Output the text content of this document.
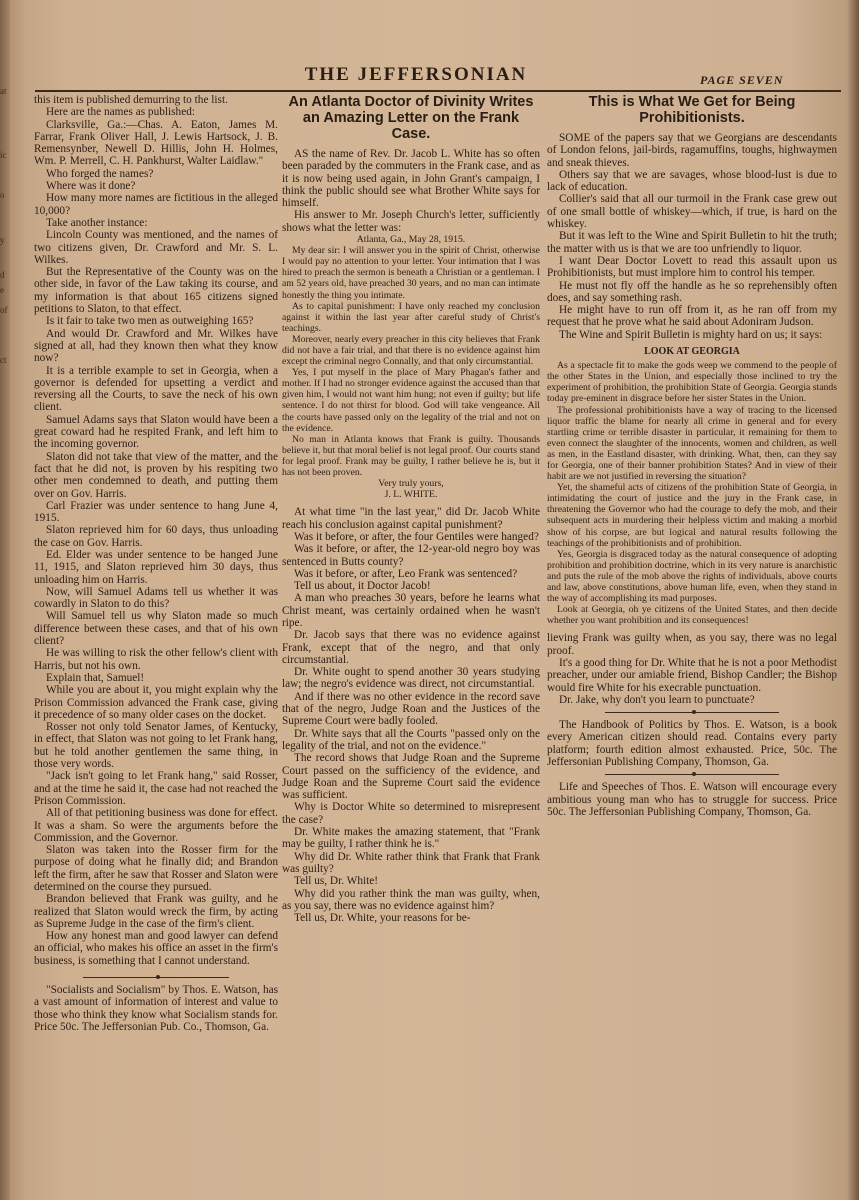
at
ic
o
y
d
e
of
ct
THE JEFFERSONIAN	PAGE SEVEN

this item is published demurring to the list.

Here are the names as published:

Clarksville, Ga.:—Chas. A. Eaton, James M. Farrar, Frank Oliver Hall, J. Lewis Hartsock, J. B. Remensynber, Newell D. Hillis, John H. Holmes, Wm. P. Merrell, C. H. Pankhurst, Walter Laidlaw."

Who forged the names?

Where was it done?

How many more names are fictitious in the alleged 10,000?

Take another instance:

Lincoln County was mentioned, and the names of two citizens given, Dr. Crawford and Mr. S. L. Wilkes.

But the Representative of the County was on the other side, in favor of the Law taking its course, and my information is that about 165 citizens signed petitions to Slaton, to that effect.

Is it fair to take two men as outweighing 165?

And would Dr. Crawford and Mr. Wilkes have signed at all, had they known then what they know now?

It is a terrible example to set in Georgia, when a governor is defended for upsetting a verdict and reversing all the Courts, to save the neck of his own client.

Samuel Adams says that Slaton would have been a great coward had he respited Frank, and left him to the incoming governor.

Slaton did not take that view of the matter, and the fact that he did not, is proven by his respiting two other men condemned to death, and putting them over on Gov. Harris.

Carl Frazier was under sentence to hang June 4, 1915.

Slaton reprieved him for 60 days, thus unloading the case on Gov. Harris.

Ed. Elder was under sentence to be hanged June 11, 1915, and Slaton reprieved him 30 days, thus unloading him on Harris.

Now, will Samuel Adams tell us whether it was cowardly in Slaton to do this?

Will Samuel tell us why Slaton made so much difference between these cases, and that of his own client?

He was willing to risk the other fellow's client with Harris, but not his own.

Explain that, Samuel!

While you are about it, you might explain why the Prison Commission advanced the Frank case, giving it precedence of so many older cases on the docket.

Rosser not only told Senator James, of Kentucky, in effect, that Slaton was not going to let Frank hang, but he told another gentlemen the same thing, in those very words.

"Jack isn't going to let Frank hang," said Rosser, and at the time he said it, the case had not reached the Prison Commission.

All of that petitioning business was done for effect. It was a sham. So were the arguments before the Commission, and the Governor.

Slaton was taken into the Rosser firm for the purpose of doing what he finally did; and Brandon left the firm, after he saw that Rosser and Slaton were determined on the course they pursued.

Brandon believed that Frank was guilty, and he realized that Slaton would wreck the firm, by acting as Supreme Judge in the case of the firm's client.

How any honest man and good lawyer can defend an official, who makes his office an asset in the firm's business, is something that I cannot understand.

"Socialists and Socialism" by Thos. E. Watson, has a vast amount of information of interest and value to those who think they know what Socialism stands for. Price 50c. The Jeffersonian Pub. Co., Thomson, Ga.

An Atlanta Doctor of Divinity Writes an Amazing Letter on the Frank Case.

AS the name of Rev. Dr. Jacob L. White has so often been paraded by the commuters in the Frank case, and as it is now being used again, in John Grant's campaign, I think the public should see what Brother White says for himself.

His answer to Mr. Joseph Church's letter, sufficiently shows what the letter was:

Atlanta, Ga., May 28, 1915.

My dear sir: I will answer you in the spirit of Christ, otherwise I would pay no attention to your letter. Your intimation that I was hired to preach the sermon is beneath a Christian or a gentleman. I am 52 years old, have preached 30 years, and no man can intimate honestly the thing you intimate.

As to capital punishment: I have only reached my conclusion against it within the last year after careful study of Christ's teachings.

Moreover, nearly every preacher in this city believes that Frank did not have a fair trial, and that there is no evidence against him except the criminal negro Connally, and that only circumstantial.

Yes, I put myself in the place of Mary Phagan's father and mother. If I had no stronger evidence against the accused than that given him, I would not want him hung; not even if guilty; but life sentence. I do not thirst for blood. God will take vengeance. All the courts have passed only on the legality of the trial and not on the evidence.

No man in Atlanta knows that Frank is guilty. Thousands believe it, but that moral belief is not legal proof. Our courts stand for legal proof. Frank may be guilty, I rather believe he is, but it has not been proven.

Very truly yours,

J. L. WHITE.

At what time "in the last year," did Dr. Jacob White reach his conclusion against capital punishment?

Was it before, or after, the four Gentiles were hanged?

Was it before, or after, the 12-year-old negro boy was sentenced in Butts county?

Was it before, or after, Leo Frank was sentenced?

Tell us about, it Doctor Jacob!

A man who preaches 30 years, before he learns what Christ meant, was certainly ordained when he wasn't ripe.

Dr. Jacob says that there was no evidence against Frank, except that of the negro, and that only circumstantial.

Dr. White ought to spend another 30 years studying law; the negro's evidence was direct, not circumstantial.

And if there was no other evidence in the record save that of the negro, Judge Roan and the Justices of the Supreme Court were badly fooled.

Dr. White says that all the Courts "passed only on the legality of the trial, and not on the evidence."

The record shows that Judge Roan and the Supreme Court passed on the sufficiency of the evidence, and Judge Roan and the Supreme Court said the evidence was sufficient.

Why is Doctor White so determined to misrepresent the case?

Dr. White makes the amazing statement, that "Frank may be guilty, I rather think he is."

Why did Dr. White rather think that Frank that Frank was guilty?

Tell us, Dr. White!

Why did you rather think the man was guilty, when, as you say, there was no evidence against him?

Tell us, Dr. White, your reasons for be-

This is What We Get for Being Prohibitionists.

SOME of the papers say that we Georgians are descendants of London felons, jail-birds, ragamuffins, toughs, highwaymen and sneak thieves.

Others say that we are savages, whose blood-lust is due to lack of education.

Collier's said that all our turmoil in the Frank case grew out of one small bottle of whiskey—which, if true, is hard on the whiskey.

But it was left to the Wine and Spirit Bulletin to hit the truth; the matter with us is that we are too unfriendly to liquor.

I want Dear Doctor Lovett to read this assault upon us Prohibitionists, but must implore him to control his temper.

He must not fly off the handle as he so reprehensibly often does, and say something rash.

He might have to run off from it, as he ran off from my request that he prove what he said about Adoniram Judson.

The Wine and Spirit Bulletin is mighty hard on us; it says:

LOOK AT GEORGIA

As a spectacle fit to make the gods weep we commend to the people of the other States in the Union, and especially those inclined to try the experiment of prohibition, the prohibition State of Georgia. Georgia stands today pre-eminent in disgrace before her sister States in the Union.

The professional prohibitionists have a way of tracing to the licensed liquor traffic the blame for nearly all crime in general and for every startling crime or terrible disaster in particular, it remaining for them to even connect the slaughter of the innocents, women and children, as well as men, in the Eastland disaster, with drinking. What, then, can they say for Georgia, one of their banner prohibition States? And in view of their habit are we not justified in reversing the situation?

Yet, the shameful acts of citizens of the prohibition State of Georgia, in intimidating the court of justice and the jury in the Frank case, in threatening the Governor who had the courage to defy the mob, and their subsequent acts in murdering their helpless victim and making a morbid show of his corpse, are but logical and natural results following the teachings of the prohibitionists and of prohibition.

Yes, Georgia is disgraced today as the natural consequence of adopting prohibition and prohibition doctrine, which in its very nature is anarchistic and puts the rule of the mob above the rights of individuals, above courts and law, above constitutions, above human life, even, when they stand in the way of accomplishing its mad purposes.

Look at Georgia, oh ye citizens of the United States, and then decide whether you want prohibition and its consequences!

lieving Frank was guilty when, as you say, there was no legal proof.

It's a good thing for Dr. White that he is not a poor Methodist preacher, under our amiable friend, Bishop Candler; the Bishop would fire White for his execrable punctuation.

Dr. Jake, why don't you learn to punctuate?

The Handbook of Politics by Thos. E. Watson, is a book every American citizen should read. Contains every party platform; fourth edition almost exhausted. Price, 50c. The Jeffersonian Publishing Company, Thomson, Ga.

Life and Speeches of Thos. E. Watson will encourage every ambitious young man who has to struggle for success. Price 50c. The Jeffersonian Publishing Company, Thomson, Ga.
